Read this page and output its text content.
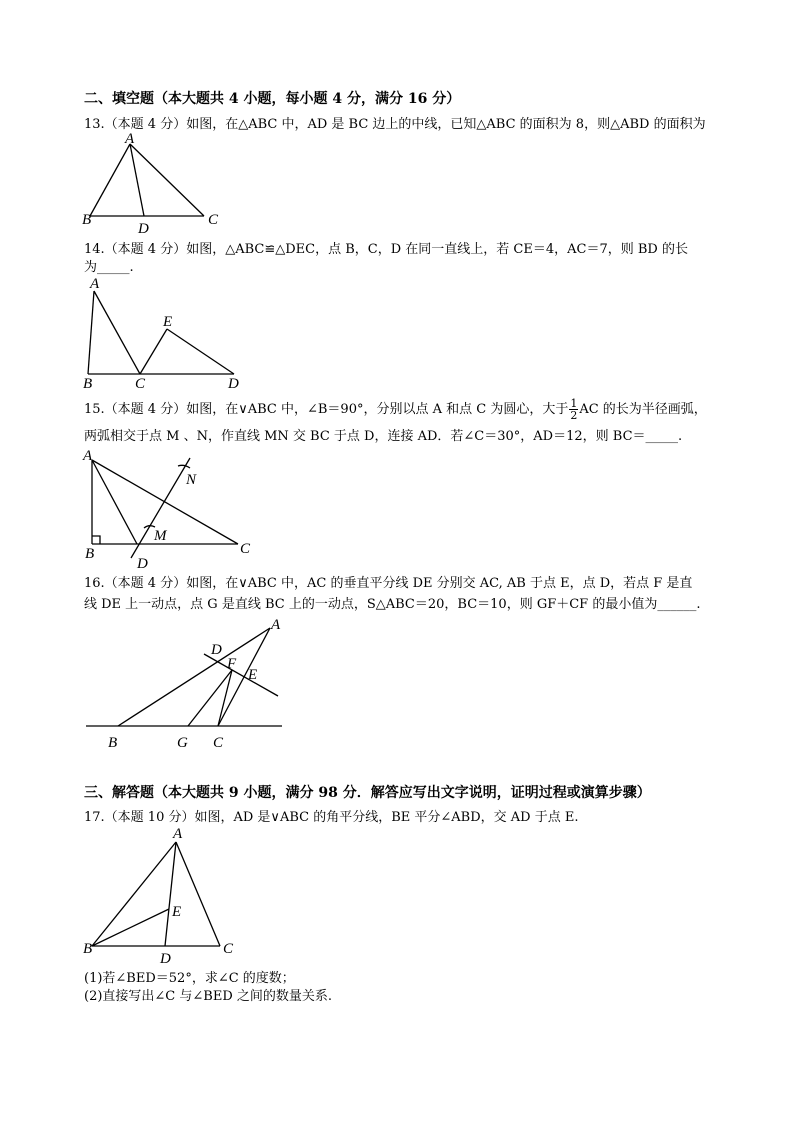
二、填空题（本大题共 4 小题，每小题 4 分，满分 16 分）
13.（本题 4 分）如图，在△ABC 中，AD 是 BC 边上的中线，已知△ABC 的面积为 8，则△ABD 的面积为
A
B	C
D
14.（本题 4 分）如图，△ABC≌△DEC，点 B，C，D 在同一直线上，若 CE＝4，AC＝7，则 BD 的长
为_____.
A
B	C	D
E
15.（本题 4 分）如图，在∨ABC 中，∠B＝90°，分别以点 A 和点 C 为圆心，大于 $\frac{1}{2}$ AC 的长为半径画弧，
两弧相交于点 M 、N，作直线 MN 交 BC 于点 D，连接 AD．若∠C＝30°，AD＝12，则 BC＝_____.
A
B	C
D
M
N
16.（本题 4 分）如图，在∨ABC 中，AC 的垂直平分线 DE 分别交 AC, AB 于点 E，点 D，若点 F 是直
线 DE 上一动点，点 G 是直线 BC 上的一动点，S△ABC＝20，BC＝10，则 GF＋CF 的最小值为______.
A
B	C
D
E
F
G
三、解答题（本大题共 9 小题，满分 98 分．解答应写出文字说明，证明过程或演算步骤）
17.（本题 10 分）如图，AD 是∨ABC 的角平分线，BE 平分∠ABD，交 AD 于点 E.
A
B	C
D
E
(1)若∠BED＝52°，求∠C 的度数；
(2)直接写出∠C 与∠BED 之间的数量关系.
